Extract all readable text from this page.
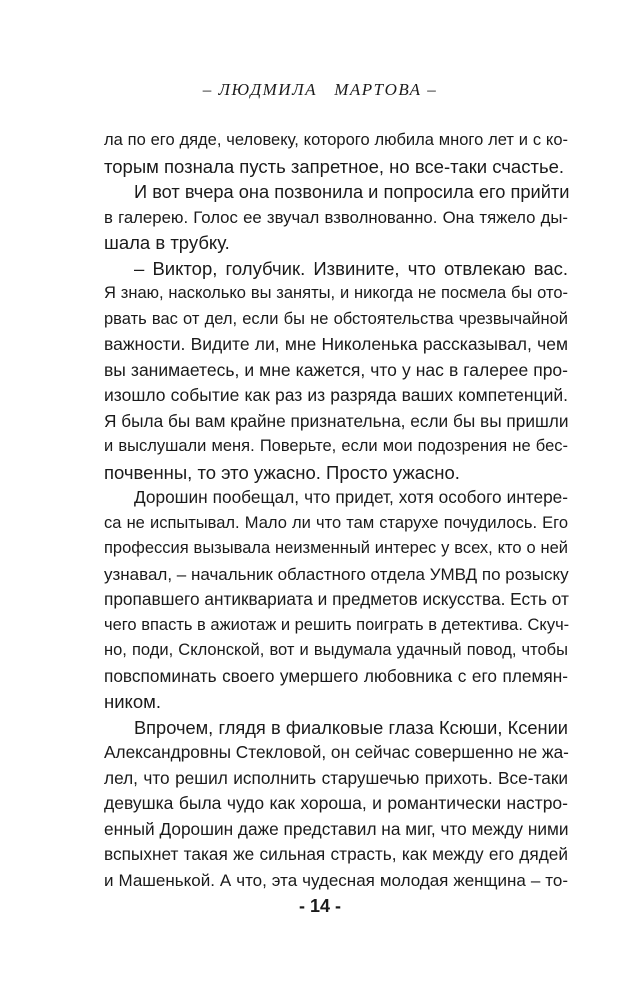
– ЛЮДМИЛА   МАРТОВА –
ла по его дяде, человеку, которого любила много лет и с ко-
торым познала пусть запретное, но все-таки счастье.
И вот вчера она позвонила и попросила его прийти
в галерею. Голос ее звучал взволнованно. Она тяжело ды-
шала в трубку.
– Виктор, голубчик. Извините, что отвлекаю вас.
Я знаю, насколько вы заняты, и никогда не посмела бы ото-
рвать вас от дел, если бы не обстоятельства чрезвычайной
важности. Видите ли, мне Николенька рассказывал, чем
вы занимаетесь, и мне кажется, что у нас в галерее про-
изошло событие как раз из разряда ваших компетенций.
Я была бы вам крайне признательна, если бы вы пришли
и выслушали меня. Поверьте, если мои подозрения не бес-
почвенны, то это ужасно. Просто ужасно.
Дорошин пообещал, что придет, хотя особого интере-
са не испытывал. Мало ли что там старухе почудилось. Его
профессия вызывала неизменный интерес у всех, кто о ней
узнавал, – начальник областного отдела УМВД по розыску
пропавшего антиквариата и предметов искусства. Есть от
чего впасть в ажиотаж и решить поиграть в детектива. Скуч-
но, поди, Склонской, вот и выдумала удачный повод, чтобы
повспоминать своего умершего любовника с его племян-
ником.
Впрочем, глядя в фиалковые глаза Ксюши, Ксении
Александровны Стекловой, он сейчас совершенно не жа-
лел, что решил исполнить старушечью прихоть. Все-таки
девушка была чудо как хороша, и романтически настро-
енный Дорошин даже представил на миг, что между ними
вспыхнет такая же сильная страсть, как между его дядей
и Машенькой. А что, эта чудесная молодая женщина – то-
- 14 -
